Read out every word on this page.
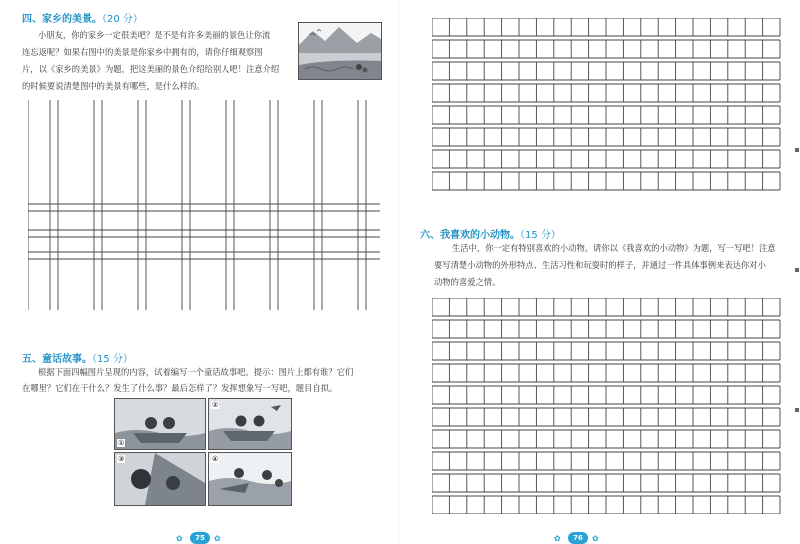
四、家乡的美景。（20 分）
小朋友，你的家乡一定很美吧？是不是有许多美丽的景色让你流
连忘返呢？如果右图中的美景是你家乡中拥有的，请你仔细观察图
片，以《家乡的美景》为题，把这美丽的景色介绍给别人吧！注意介绍
的时候要说清楚图中的美景有哪些，是什么样的。
五、童话故事。（15 分）
根据下面四幅图片呈现的内容，试着编写一个童话故事吧。提示：图片上都有谁？它们
在哪里？它们在干什么？发生了什么事？最后怎样了？发挥想象写一写吧，题目自拟。
①
②
③	④
✿	75	✿
六、我喜欢的小动物。（15 分）
生活中，你一定有特别喜欢的小动物。请你以《我喜欢的小动物》为题，写一写吧！注意
要写清楚小动物的外形特点、生活习性和玩耍时的样子，并通过一件具体事例来表达你对小
动物的喜爱之情。
✿	76	✿
